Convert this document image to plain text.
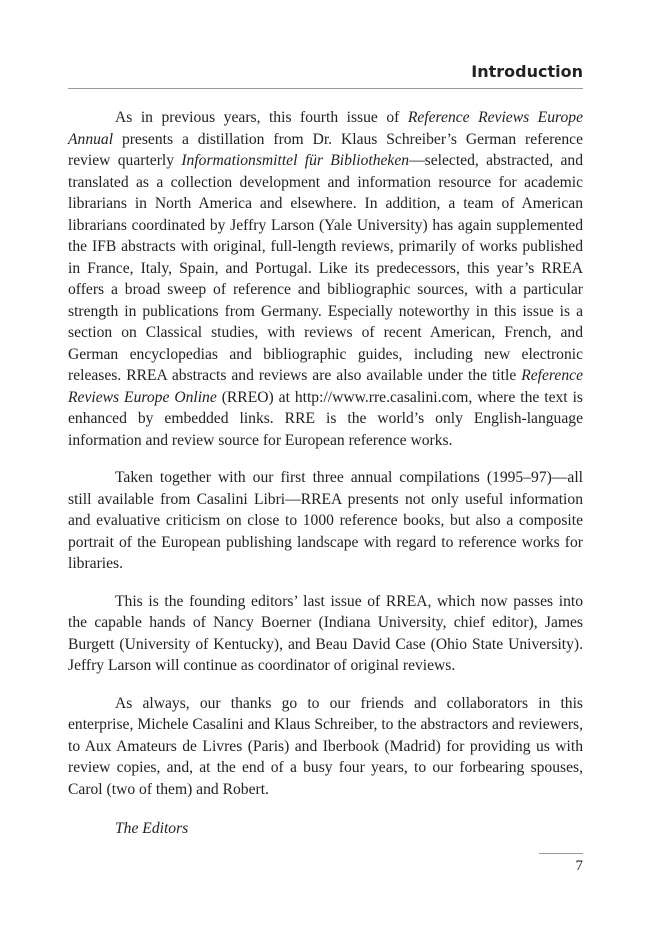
Introduction

As in previous years, this fourth issue of Reference Reviews Europe Annual presents a distillation from Dr. Klaus Schreiber’s German reference review quarterly Informationsmittel für Bibliotheken—selected, abstracted, and translated as a collection development and information resource for academic librarians in North America and elsewhere. In addition, a team of American librarians coordinated by Jeffry Larson (Yale University) has again supplemented the IFB abstracts with original, full-length reviews, primarily of works published in France, Italy, Spain, and Portugal. Like its predecessors, this year’s RREA offers a broad sweep of reference and bibliographic sources, with a particular strength in publications from Germany. Especially noteworthy in this issue is a section on Classical studies, with reviews of recent American, French, and German encyclopedias and bibliographic guides, including new electronic releases. RREA abstracts and reviews are also available under the title Reference Reviews Europe Online (RREO) at http://www.rre.casalini.com, where the text is enhanced by embedded links. RRE is the world’s only English-language information and review source for European reference works.

Taken together with our first three annual compilations (1995–97)—all still available from Casalini Libri—RREA presents not only useful information and evaluative criticism on close to 1000 reference books, but also a composite portrait of the European publishing landscape with regard to reference works for libraries.

This is the founding editors’ last issue of RREA, which now passes into the capable hands of Nancy Boerner (Indiana University, chief editor), James Burgett (University of Kentucky), and Beau David Case (Ohio State University). Jeffry Larson will continue as coordinator of original reviews.

As always, our thanks go to our friends and collaborators in this enterprise, Michele Casalini and Klaus Schreiber, to the abstractors and reviewers, to Aux Amateurs de Livres (Paris) and Iberbook (Madrid) for providing us with review copies, and, at the end of a busy four years, to our forbearing spouses, Carol (two of them) and Robert.

The Editors

7
